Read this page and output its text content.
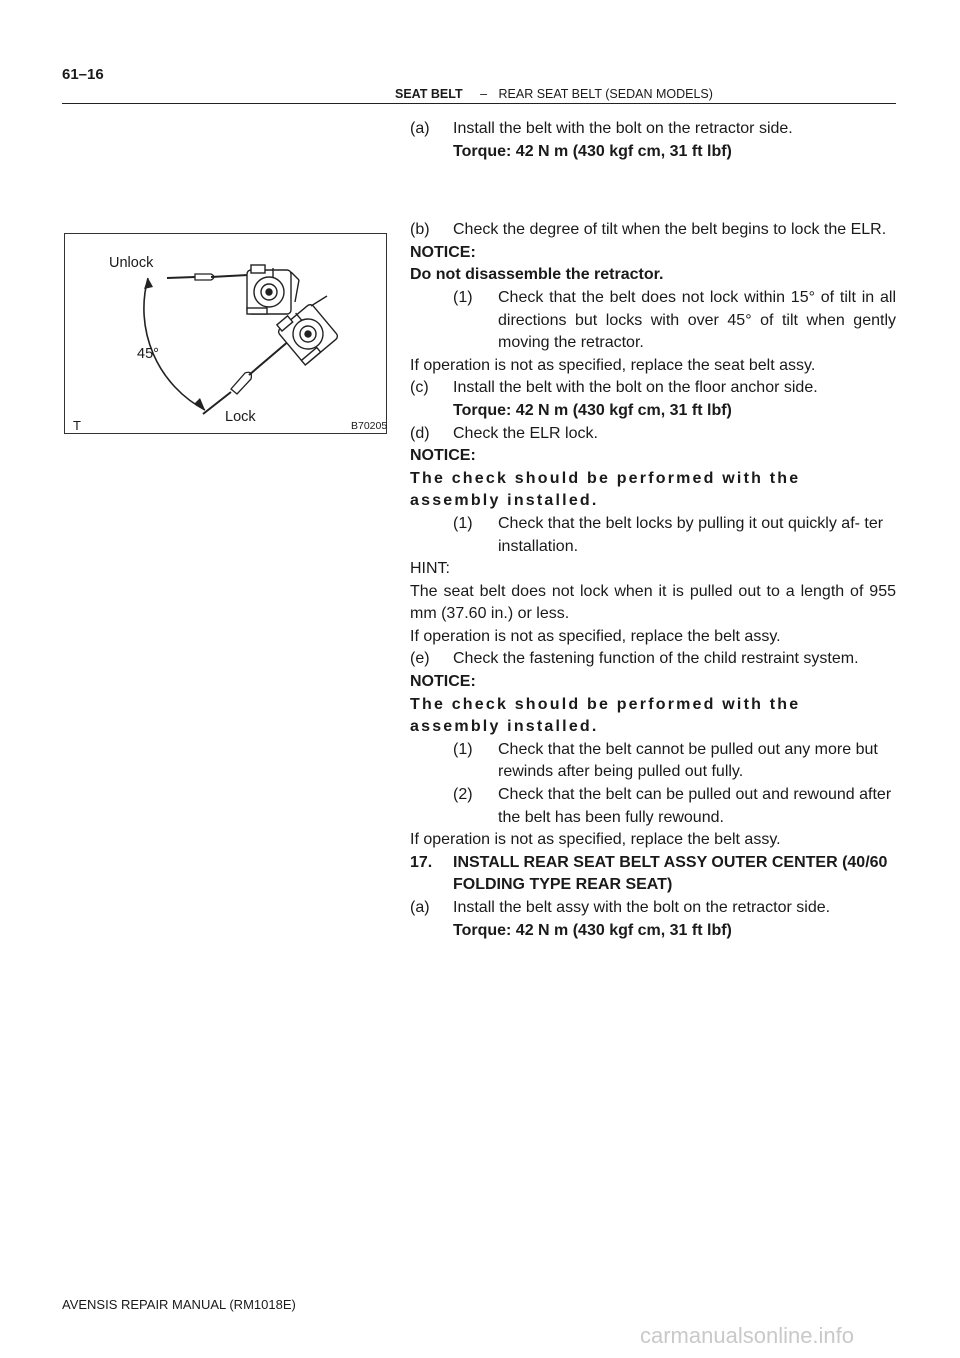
61–16
SEAT BELT – REAR SEAT BELT (SEDAN MODELS)
Unlock
45°
Lock
T	B70205
(a)	Install the belt with the bolt on the retractor side.
Torque: 42 N m (430 kgf cm, 31 ft lbf)
(b)	Check the degree of tilt when the belt begins to lock the ELR.
NOTICE:
Do not disassemble the retractor.
(1)	Check that the belt does not lock within 15° of tilt in all directions but locks with over 45° of tilt when gently moving the retractor.
If operation is not as specified, replace the seat belt assy.
(c)	Install the belt with the bolt on the floor anchor side.
Torque: 42 N m (430 kgf cm, 31 ft lbf)
(d)	Check the ELR lock.
NOTICE:
The check should be performed with the assembly installed.
(1)	Check that the belt locks by pulling it out quickly af- ter installation.
HINT:
The seat belt does not lock when it is pulled out to a length of 955 mm (37.60 in.) or less.
If operation is not as specified, replace the belt assy.
(e)	Check the fastening function of the child restraint system.
NOTICE:
The check should be performed with the assembly installed.
(1)	Check that the belt cannot be pulled out any more but rewinds after being pulled out fully.
(2)	Check that the belt can be pulled out and rewound after the belt has been fully rewound.
If operation is not as specified, replace the belt assy.
17.	INSTALL REAR SEAT BELT ASSY OUTER CENTER (40/60 FOLDING TYPE REAR SEAT)
(a)	Install the belt assy with the bolt on the retractor side.
Torque: 42 N m (430 kgf cm, 31 ft lbf)
AVENSIS REPAIR MANUAL (RM1018E)
carmanualsonline.info
